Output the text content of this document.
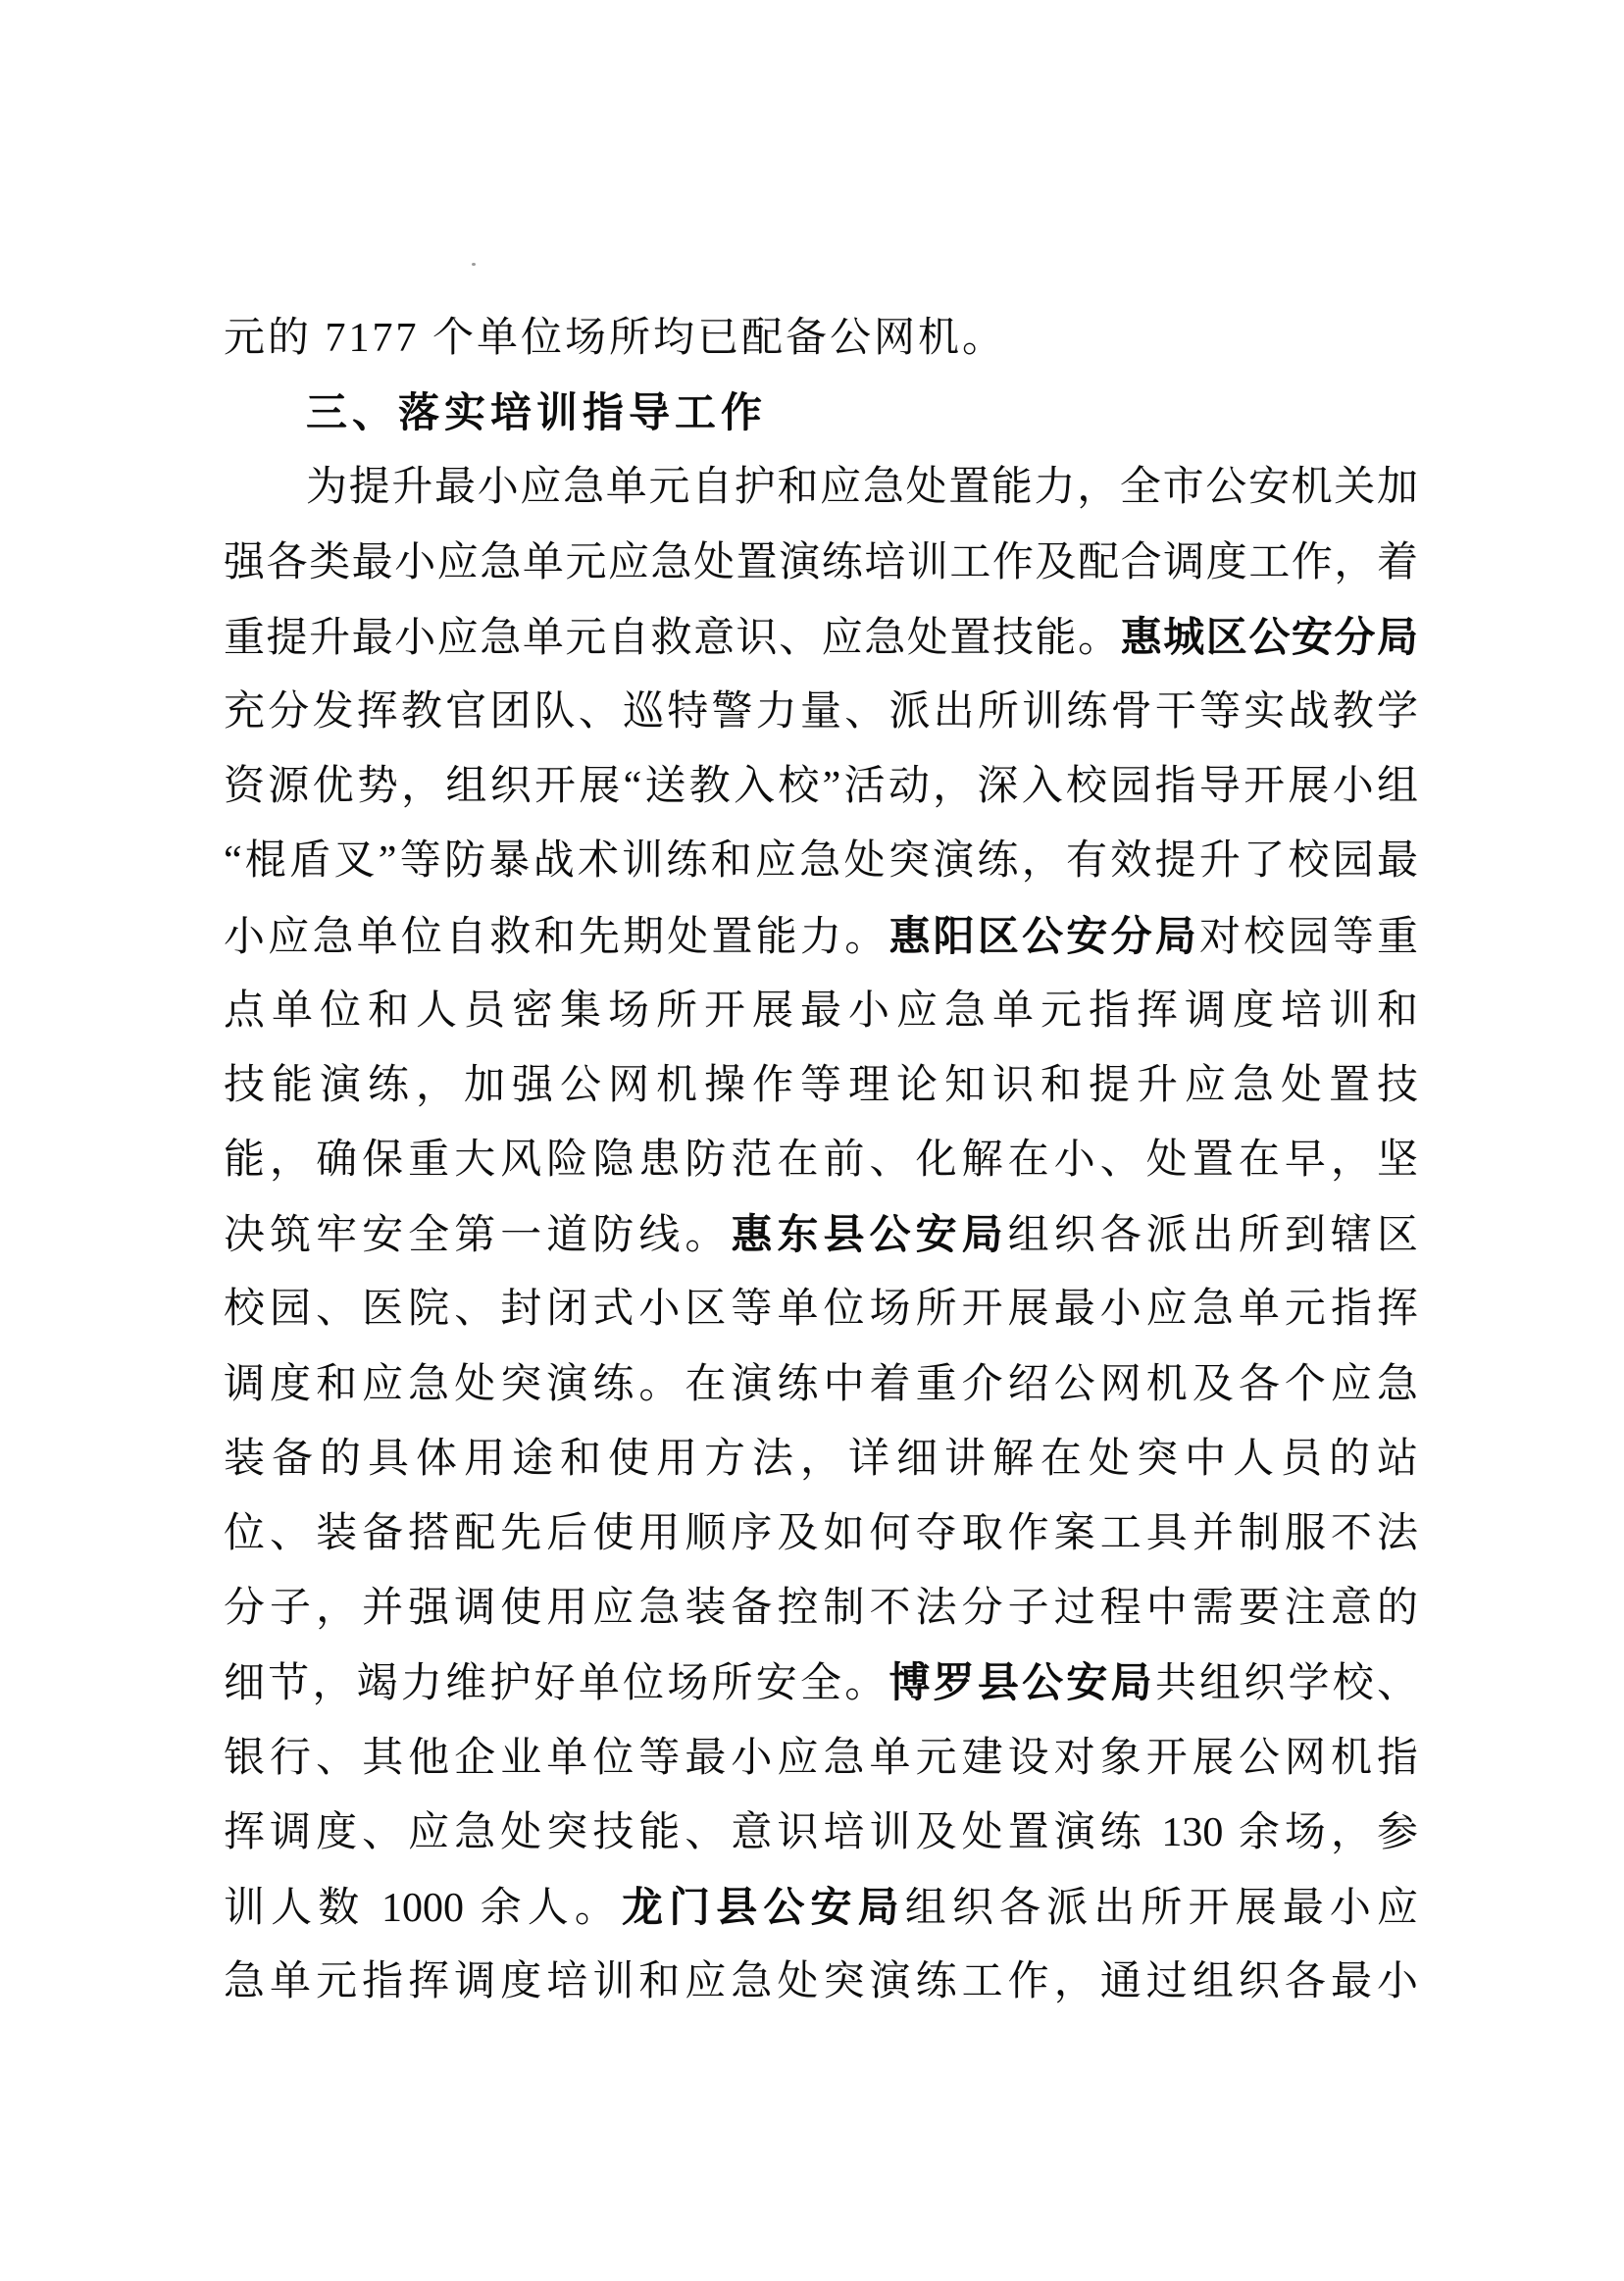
元的 7177 个单位场所均已配备公网机。
三、落实培训指导工作
为提升最小应急单元自护和应急处置能力，全市公安机关加
强各类最小应急单元应急处置演练培训工作及配合调度工作，着
重提升最小应急单元自救意识、应急处置技能。惠城区公安分局
充分发挥教官团队、巡特警力量、派出所训练骨干等实战教学
资源优势，组织开展“送教入校”活动，深入校园指导开展小组
“棍盾叉”等防暴战术训练和应急处突演练，有效提升了校园最
小应急单位自救和先期处置能力。惠阳区公安分局对校园等重
点单位和人员密集场所开展最小应急单元指挥调度培训和
技能演练，加强公网机操作等理论知识和提升应急处置技
能，确保重大风险隐患防范在前、化解在小、处置在早，坚
决筑牢安全第一道防线。惠东县公安局组织各派出所到辖区
校园、医院、封闭式小区等单位场所开展最小应急单元指挥
调度和应急处突演练。在演练中着重介绍公网机及各个应急
装备的具体用途和使用方法，详细讲解在处突中人员的站
位、装备搭配先后使用顺序及如何夺取作案工具并制服不法
分子，并强调使用应急装备控制不法分子过程中需要注意的
细节，竭力维护好单位场所安全。博罗县公安局共组织学校、
银行、其他企业单位等最小应急单元建设对象开展公网机指
挥调度、应急处突技能、意识培训及处置演练 130 余场，参
训人数 1000 余人。龙门县公安局组织各派出所开展最小应
急单元指挥调度培训和应急处突演练工作，通过组织各最小
